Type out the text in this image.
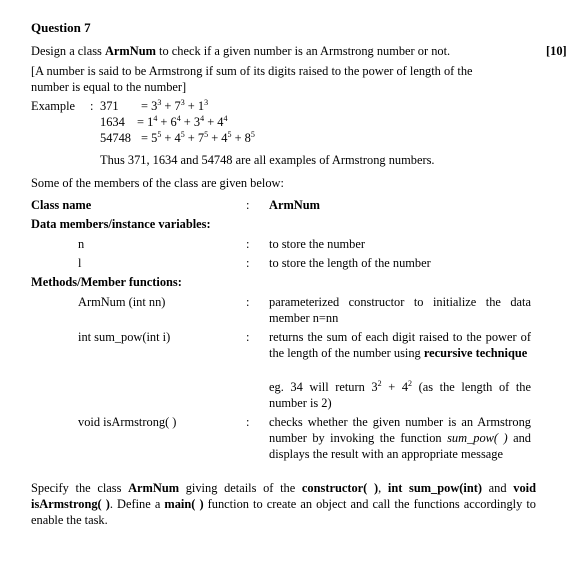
Question 7
Design a class ArmNum to check if a given number is an Armstrong number or not.	[10]
[A number is said to be Armstrong if sum of its digits raised to the power of length of the
number is equal to the number]
Example : $371 = 3^3 + 7^3 + 1^3$
$1634 = 1^4 + 6^4 + 3^4 + 4^4$
$54748 = 5^5 + 4^5 + 7^5 + 4^5 + 8^5$
Thus 371, 1634 and 54748 are all examples of Armstrong numbers.
Some of the members of the class are given below:
Class name	: ArmNum
Data members/instance variables:
n	: to store the number
l	: to store the length of the number
Methods/Member functions:
ArmNum (int nn)	: parameterized constructor to initialize the data member n=nn
int sum_pow(int i)	: returns the sum of each digit raised to the power of the length of the number using recursive technique
eg. 34 will return $3^2 + 4^2$ (as the length of the number is 2)
void isArmstrong( )	: checks whether the given number is an Armstrong number by invoking the function sum_pow( ) and displays the result with an appropriate message
Specify the class ArmNum giving details of the constructor( ), int sum_pow(int) and void isArmstrong( ). Define a main( ) function to create an object and call the functions accordingly to enable the task.
